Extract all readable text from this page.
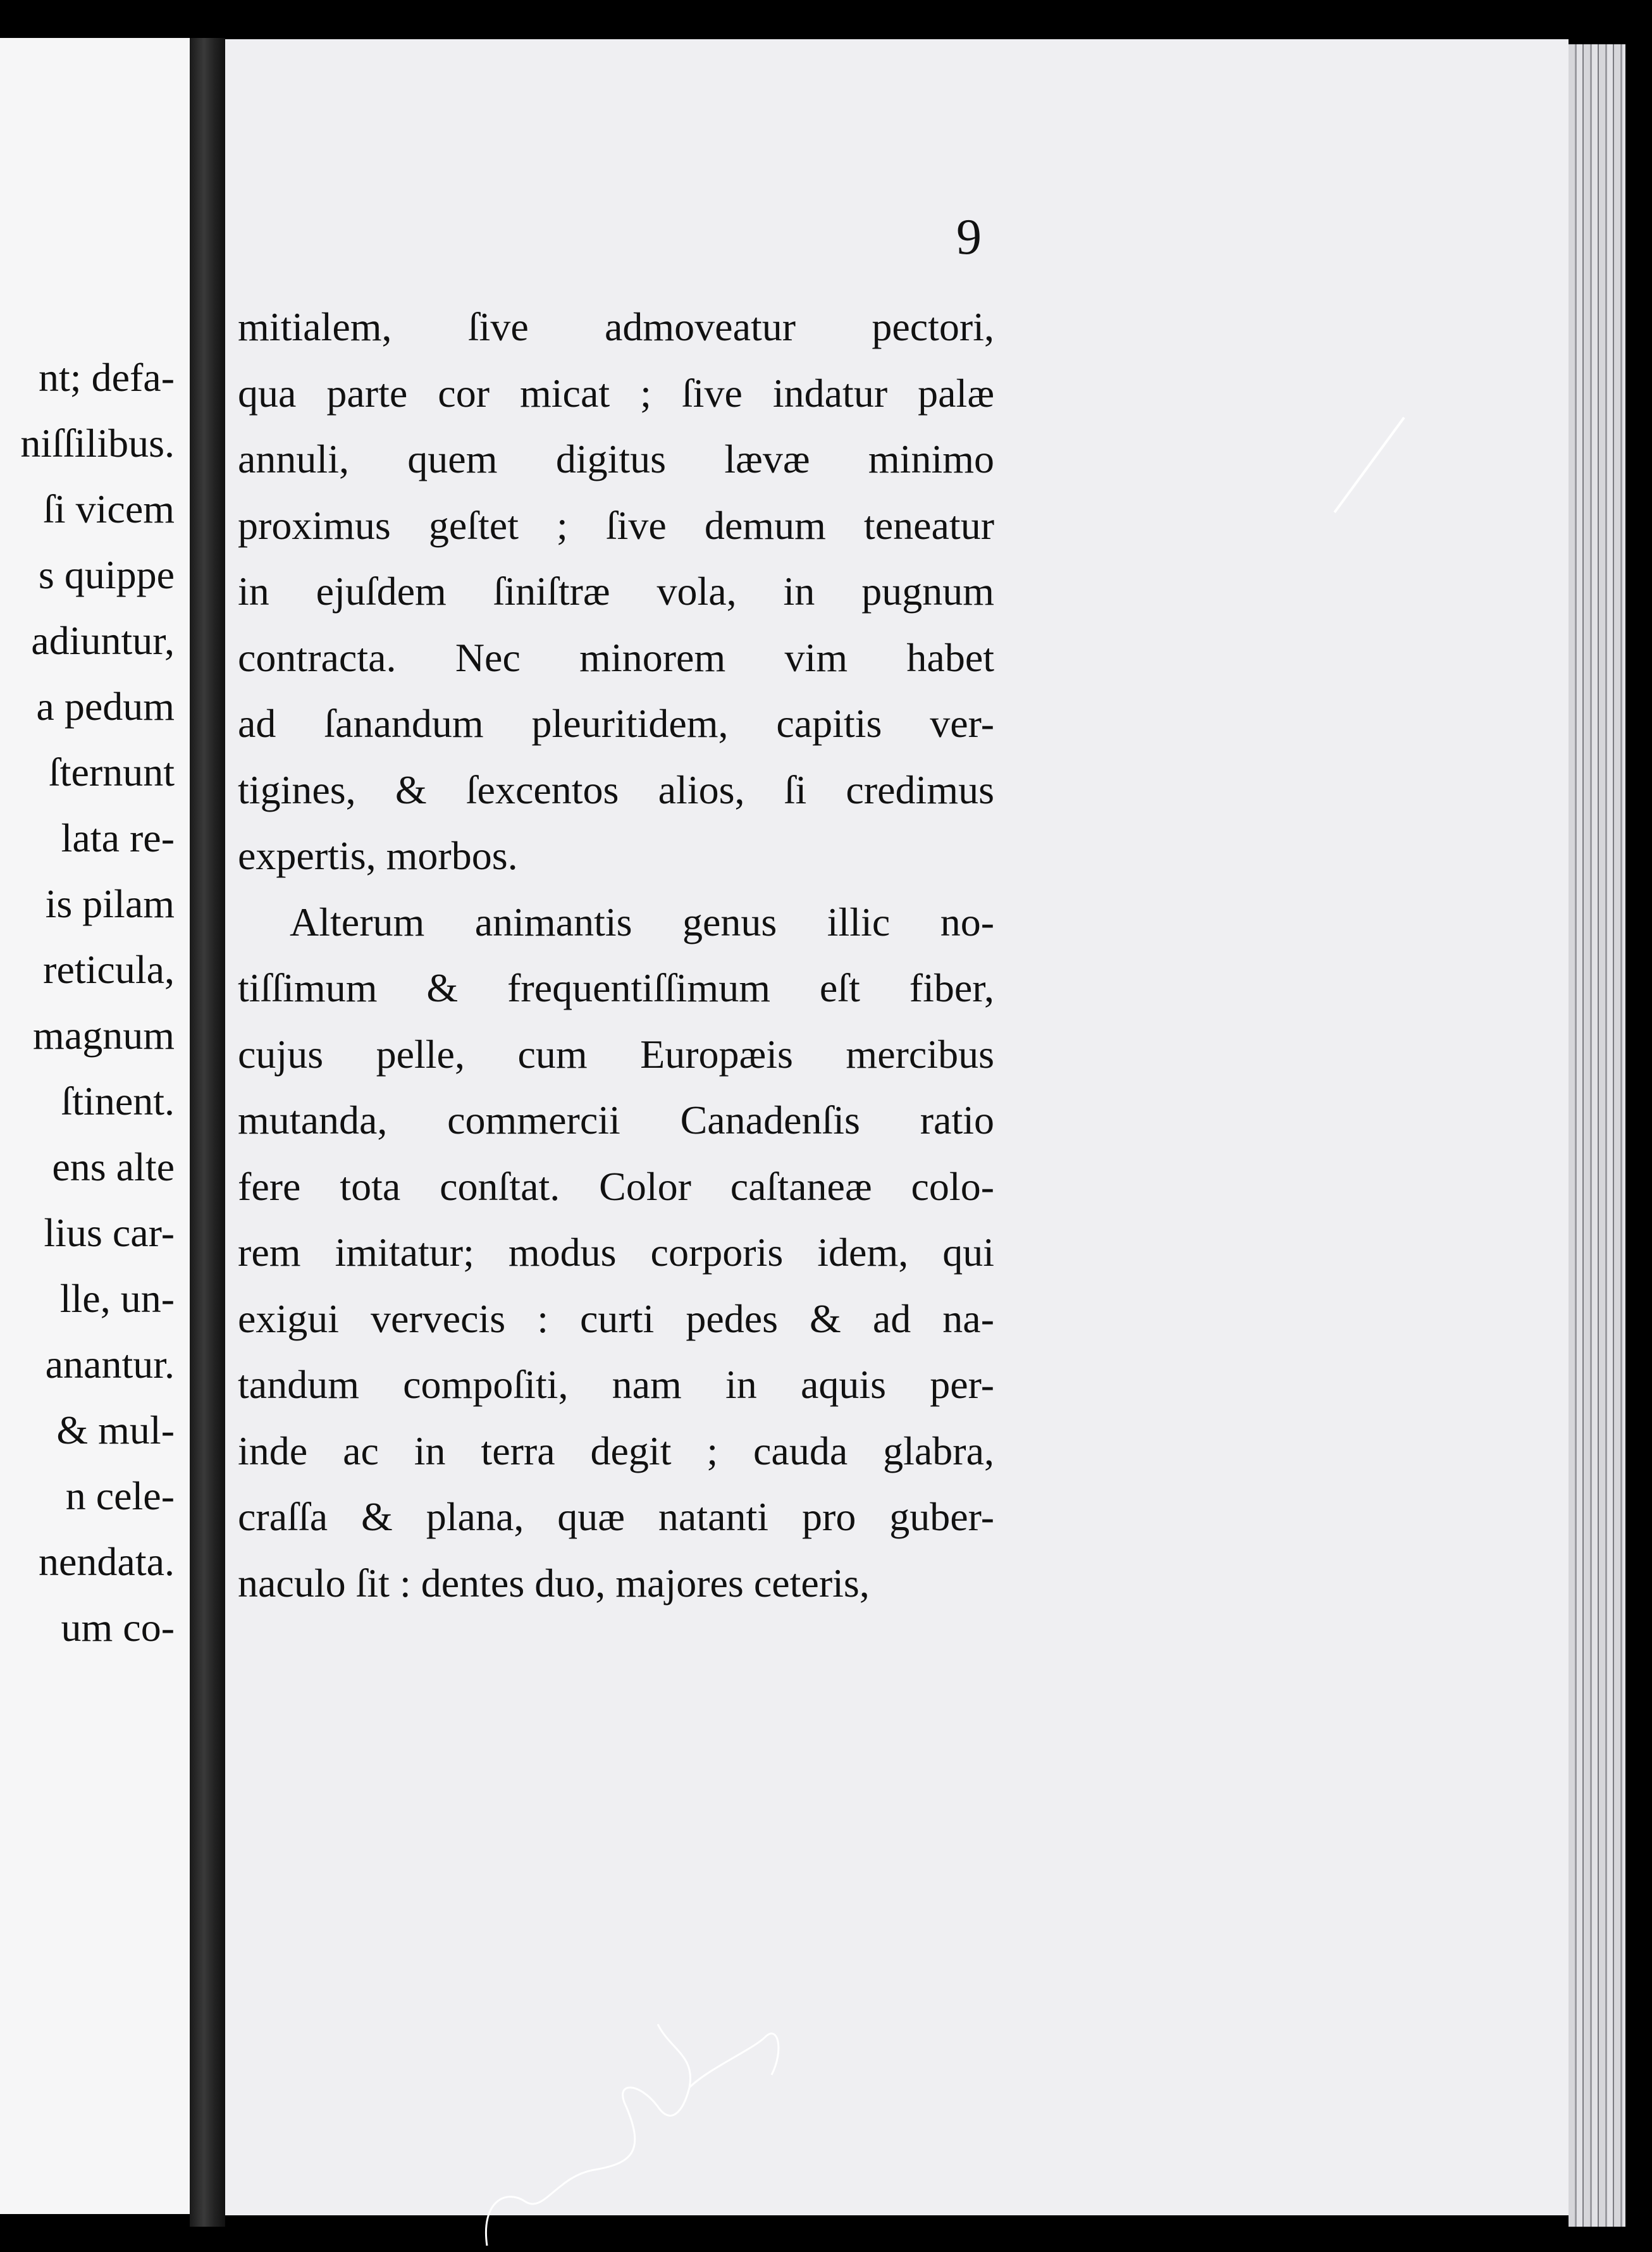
nt; defa-
niſſilibus.
ſi vicem
s quippe
adiuntur,
a pedum
ſternunt
lata re-
is pilam
reticula,
magnum
ſtinent.
ens alte
lius car-
lle, un-
anantur.
& mul-
n cele-
nendata.
um co-
9
mitialem, ſive admoveatur pectori,
qua parte cor micat ; ſive indatur palæ
annuli, quem digitus lævæ minimo
proximus geſtet ; ſive demum teneatur
in ejuſdem ſiniſtræ vola, in pugnum
contracta. Nec minorem vim habet
ad ſanandum pleuritidem, capitis ver-
tigines, & ſexcentos alios, ſi credimus
expertis, morbos.
Alterum animantis genus illic no-
tiſſimum & frequentiſſimum eſt fiber,
cujus pelle, cum Europæis mercibus
mutanda, commercii Canadenſis ratio
fere tota conſtat. Color caſtaneæ colo-
rem imitatur; modus corporis idem, qui
exigui vervecis : curti pedes & ad na-
tandum compoſiti, nam in aquis per-
inde ac in terra degit ; cauda glabra,
craſſa & plana, quæ natanti pro guber-
naculo ſit : dentes duo, majores ceteris,
